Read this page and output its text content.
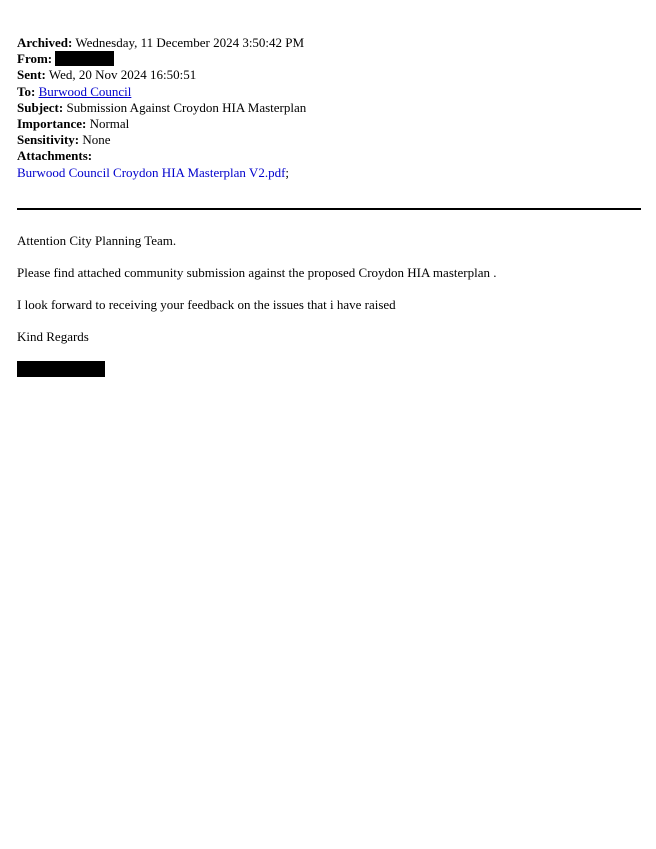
Archived: Wednesday, 11 December 2024 3:50:42 PM
From:
Sent: Wed, 20 Nov 2024 16:50:51
To: Burwood Council
Subject: Submission Against Croydon HIA Masterplan
Importance: Normal
Sensitivity: None
Attachments:
Burwood Council Croydon HIA Masterplan V2.pdf;
Attention City Planning Team.
Please find attached community submission against the proposed Croydon HIA masterplan .
I look forward to receiving your feedback on the issues that i have raised
Kind Regards
